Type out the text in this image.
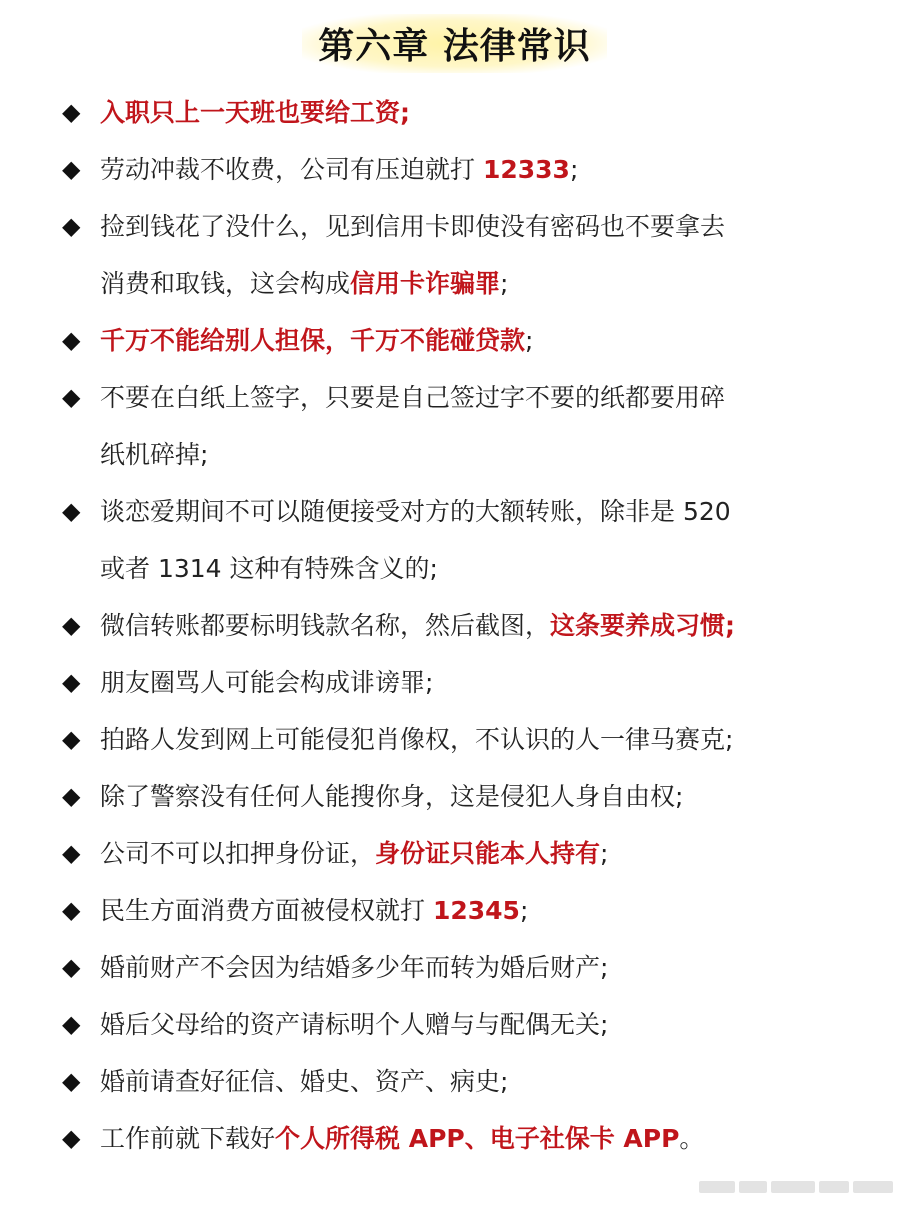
第六章 法律常识
◆ 入职只上一天班也要给工资;
◆ 劳动冲裁不收费，公司有压迫就打 12333;
◆ 捡到钱花了没什么，见到信用卡即使没有密码也不要拿去
消费和取钱，这会构成信用卡诈骗罪;
◆ 千万不能给别人担保，千万不能碰贷款;
◆ 不要在白纸上签字，只要是自己签过字不要的纸都要用碎
纸机碎掉;
◆ 谈恋爱期间不可以随便接受对方的大额转账，除非是 520
或者 1314 这种有特殊含义的;
◆ 微信转账都要标明钱款名称，然后截图，这条要养成习惯;
◆ 朋友圈骂人可能会构成诽谤罪;
◆ 拍路人发到网上可能侵犯肖像权，不认识的人一律马赛克;
◆ 除了警察没有任何人能搜你身，这是侵犯人身自由权;
◆ 公司不可以扣押身份证，身份证只能本人持有;
◆ 民生方面消费方面被侵权就打 12345;
◆ 婚前财产不会因为结婚多少年而转为婚后财产;
◆ 婚后父母给的资产请标明个人赠与与配偶无关;
◆ 婚前请查好征信、婚史、资产、病史;
◆ 工作前就下载好个人所得税 APP、电子社保卡 APP。
